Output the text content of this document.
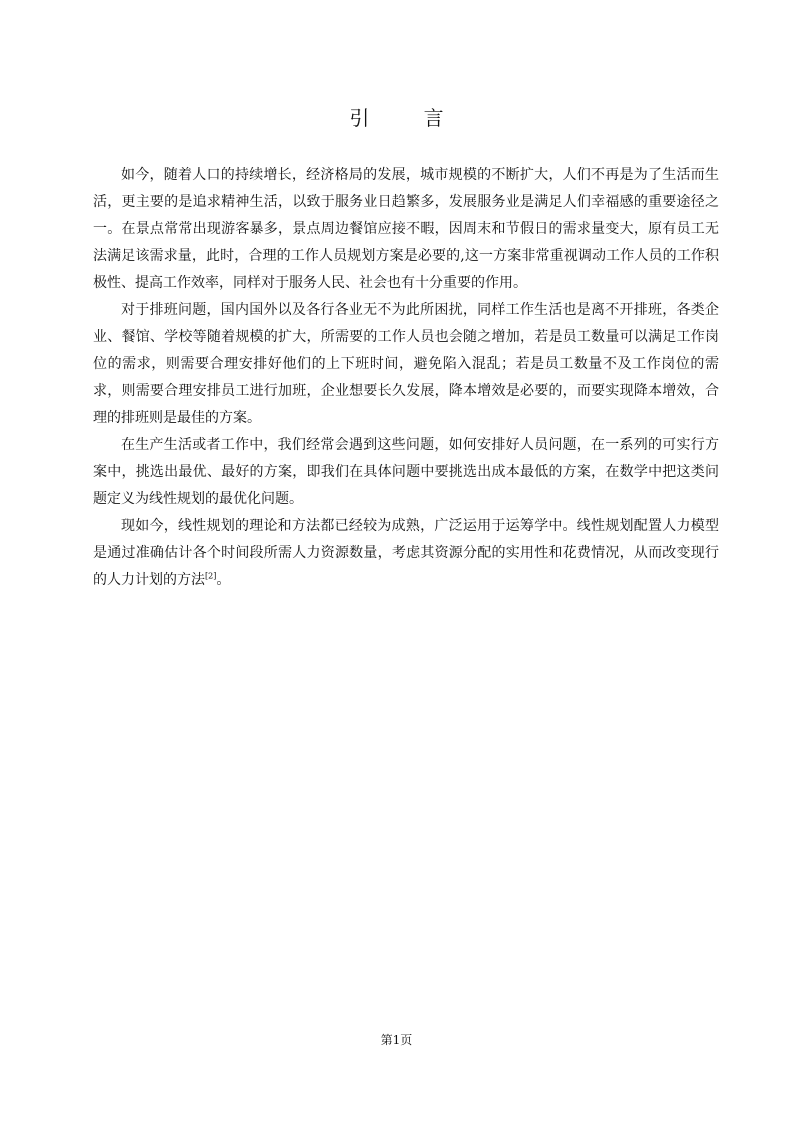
引 言

如今，随着人口的持续增长，经济格局的发展，城市规模的不断扩大，人们不再是为了生活而生活，更主要的是追求精神生活，以致于服务业日趋繁多，发展服务业是满足人们幸福感的重要途径之一。在景点常常出现游客暴多，景点周边餐馆应接不暇，因周末和节假日的需求量变大，原有员工无法满足该需求量，此时，合理的工作人员规划方案是必要的,这一方案非常重视调动工作人员的工作积极性、提高工作效率，同样对于服务人民、社会也有十分重要的作用。

对于排班问题，国内国外以及各行各业无不为此所困扰，同样工作生活也是离不开排班，各类企业、餐馆、学校等随着规模的扩大，所需要的工作人员也会随之增加，若是员工数量可以满足工作岗位的需求，则需要合理安排好他们的上下班时间，避免陷入混乱；若是员工数量不及工作岗位的需求，则需要合理安排员工进行加班，企业想要长久发展，降本增效是必要的，而要实现降本增效，合理的排班则是最佳的方案。

在生产生活或者工作中，我们经常会遇到这些问题，如何安排好人员问题，在一系列的可实行方案中，挑选出最优、最好的方案，即我们在具体问题中要挑选出成本最低的方案，在数学中把这类问题定义为线性规划的最优化问题。

现如今，线性规划的理论和方法都已经较为成熟，广泛运用于运筹学中。线性规划配置人力模型是通过准确估计各个时间段所需人力资源数量，考虑其资源分配的实用性和花费情况，从而改变现行的人力计划的方法[2]。

第1页
